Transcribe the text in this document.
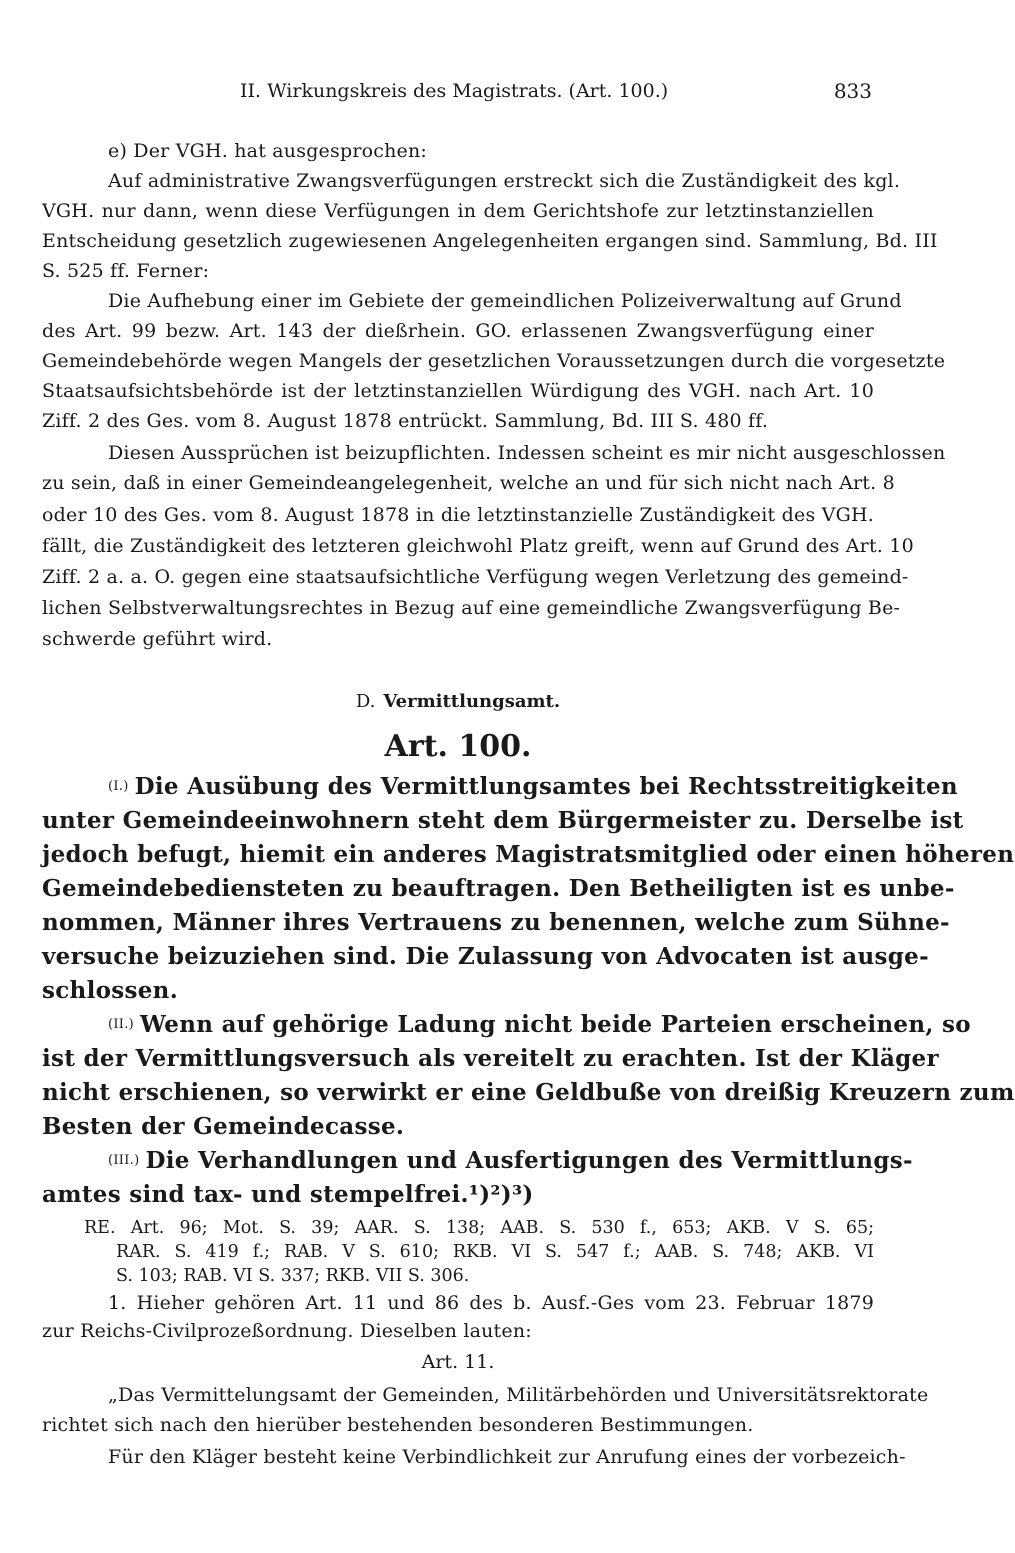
II. Wirkungskreis des Magistrats. (Art. 100.)	833
e) Der VGH. hat ausgesprochen:
Auf administrative Zwangsverfügungen erstreckt sich die Zuständigkeit des kgl.
VGH. nur dann, wenn diese Verfügungen in dem Gerichtshofe zur letztinstanziellen
Entscheidung gesetzlich zugewiesenen Angelegenheiten ergangen sind. Sammlung, Bd. III
S. 525 ff. Ferner:
Die Aufhebung einer im Gebiete der gemeindlichen Polizeiverwaltung auf Grund
des Art. 99 bezw. Art. 143 der dießrhein. GO. erlassenen Zwangsverfügung einer
Gemeindebehörde wegen Mangels der gesetzlichen Voraussetzungen durch die vorgesetzte
Staatsaufsichtsbehörde ist der letztinstanziellen Würdigung des VGH. nach Art. 10
Ziff. 2 des Ges. vom 8. August 1878 entrückt. Sammlung, Bd. III S. 480 ff.
Diesen Aussprüchen ist beizupflichten. Indessen scheint es mir nicht ausgeschlossen
zu sein, daß in einer Gemeindeangelegenheit, welche an und für sich nicht nach Art. 8
oder 10 des Ges. vom 8. August 1878 in die letztinstanzielle Zuständigkeit des VGH.
fällt, die Zuständigkeit des letzteren gleichwohl Platz greift, wenn auf Grund des Art. 10
Ziff. 2 a. a. O. gegen eine staatsaufsichtliche Verfügung wegen Verletzung des gemeind-
lichen Selbstverwaltungsrechtes in Bezug auf eine gemeindliche Zwangsverfügung Be-
schwerde geführt wird.
D. Vermittlungsamt.
Art. 100.
$^{(I.)}$ Die Ausübung des Vermittlungsamtes bei Rechtsstreitigkeiten
unter Gemeindeeinwohnern steht dem Bürgermeister zu. Derselbe ist
jedoch befugt, hiemit ein anderes Magistratsmitglied oder einen höheren
Gemeindebediensteten zu beauftragen. Den Betheiligten ist es unbe-
nommen, Männer ihres Vertrauens zu benennen, welche zum Sühne-
versuche beizuziehen sind. Die Zulassung von Advocaten ist ausge-
schlossen.
$^{(II.)}$ Wenn auf gehörige Ladung nicht beide Parteien erscheinen, so
ist der Vermittlungsversuch als vereitelt zu erachten. Ist der Kläger
nicht erschienen, so verwirkt er eine Geldbuße von dreißig Kreuzern zum
Besten der Gemeindecasse.
$^{(III.)}$ Die Verhandlungen und Ausfertigungen des Vermittlungs-
amtes sind tax- und stempelfrei.¹)²)³)
RE. Art. 96; Mot. S. 39; AAR. S. 138; AAB. S. 530 f., 653; AKB. V S. 65;
RAR. S. 419 f.; RAB. V S. 610; RKB. VI S. 547 f.; AAB. S. 748; AKB. VI
S. 103; RAB. VI S. 337; RKB. VII S. 306.
1. Hieher gehören Art. 11 und 86 des b. Ausf.-Ges vom 23. Februar 1879
zur Reichs-Civilprozeßordnung. Dieselben lauten:
Art. 11.
„Das Vermittelungsamt der Gemeinden, Militärbehörden und Universitätsrektorate
richtet sich nach den hierüber bestehenden besonderen Bestimmungen.
Für den Kläger besteht keine Verbindlichkeit zur Anrufung eines der vorbezeich-
